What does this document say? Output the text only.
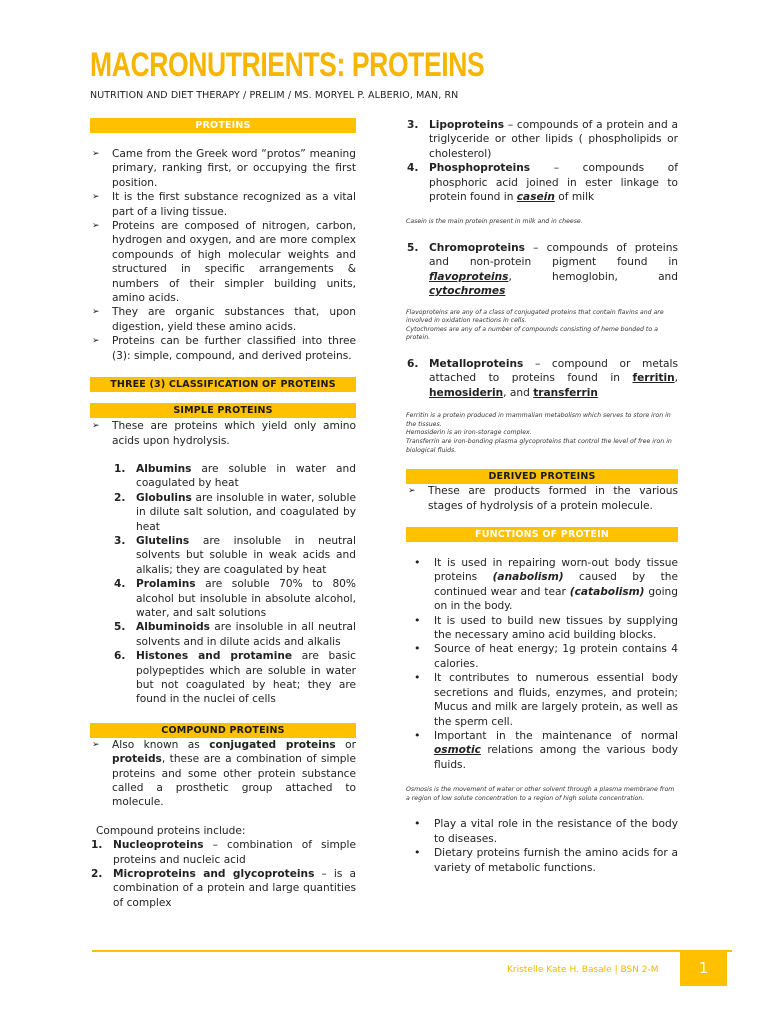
MACRONUTRIENTS: PROTEINS
NUTRITION AND DIET THERAPY / PRELIM / MS. MORYEL P. ALBERIO, MAN, RN
PROTEINS
➢ Came from the Greek word “protos” meaning primary, ranking first, or occupying the first position.
➢ It is the first substance recognized as a vital part of a living tissue.
➢ Proteins are composed of nitrogen, carbon, hydrogen and oxygen, and are more complex compounds of high molecular weights and structured in specific arrangements & numbers of their simpler building units, amino acids.
➢ They are organic substances that, upon digestion, yield these amino acids.
➢ Proteins can be further classified into three (3): simple, compound, and derived proteins.
THREE (3) CLASSIFICATION OF PROTEINS
SIMPLE PROTEINS
➢ These are proteins which yield only amino acids upon hydrolysis.
1. Albumins are soluble in water and coagulated by heat
2. Globulins are insoluble in water, soluble in dilute salt solution, and coagulated by heat
3. Glutelins are insoluble in neutral solvents but soluble in weak acids and alkalis; they are coagulated by heat
4. Prolamins are soluble 70% to 80% alcohol but insoluble in absolute alcohol, water, and salt solutions
5. Albuminoids are insoluble in all neutral solvents and in dilute acids and alkalis
6. Histones and protamine are basic polypeptides which are soluble in water but not coagulated by heat; they are found in the nuclei of cells
COMPOUND PROTEINS
➢ Also known as conjugated proteins or proteids, these are a combination of simple proteins and some other protein substance called a prosthetic group attached to molecule.
Compound proteins include:
1. Nucleoproteins – combination of simple proteins and nucleic acid
2. Microproteins and glycoproteins – is a combination of a protein and large quantities of complex
3. Lipoproteins – compounds of a protein and a triglyceride or other lipids ( phospholipids or cholesterol)
4. Phosphoproteins – compounds of phosphoric acid joined in ester linkage to protein found in casein of milk
Casein is the main protein present in milk and in cheese.
5. Chromoproteins – compounds of proteins and non-protein pigment found in flavoproteins, hemoglobin, and cytochromes
Flavoproteins are any of a class of conjugated proteins that contain flavins and are involved in oxidation reactions in cells.
Cytochromes are any of a number of compounds consisting of heme bonded to a protein.
6. Metalloproteins – compound or metals attached to proteins found in ferritin, hemosiderin, and transferrin
Ferritin is a protein produced in mammalian metabolism which serves to store iron in the tissues.
Hemosiderin is an iron-storage complex.
Transferrin are iron-bonding plasma glycoproteins that control the level of free iron in biological fluids.
DERIVED PROTEINS
➢ These are products formed in the various stages of hydrolysis of a protein molecule.
FUNCTIONS OF PROTEIN
• It is used in repairing worn-out body tissue proteins (anabolism) caused by the continued wear and tear (catabolism) going on in the body.
• It is used to build new tissues by supplying the necessary amino acid building blocks.
• Source of heat energy; 1g protein contains 4 calories.
• It contributes to numerous essential body secretions and fluids, enzymes, and protein; Mucus and milk are largely protein, as well as the sperm cell.
• Important in the maintenance of normal osmotic relations among the various body fluids.
Osmosis is the movement of water or other solvent through a plasma membrane from a region of low solute concentration to a region of high solute concentration.
• Play a vital role in the resistance of the body to diseases.
• Dietary proteins furnish the amino acids for a variety of metabolic functions.
Kristelle Kate H. Basale | BSN 2-M	1
